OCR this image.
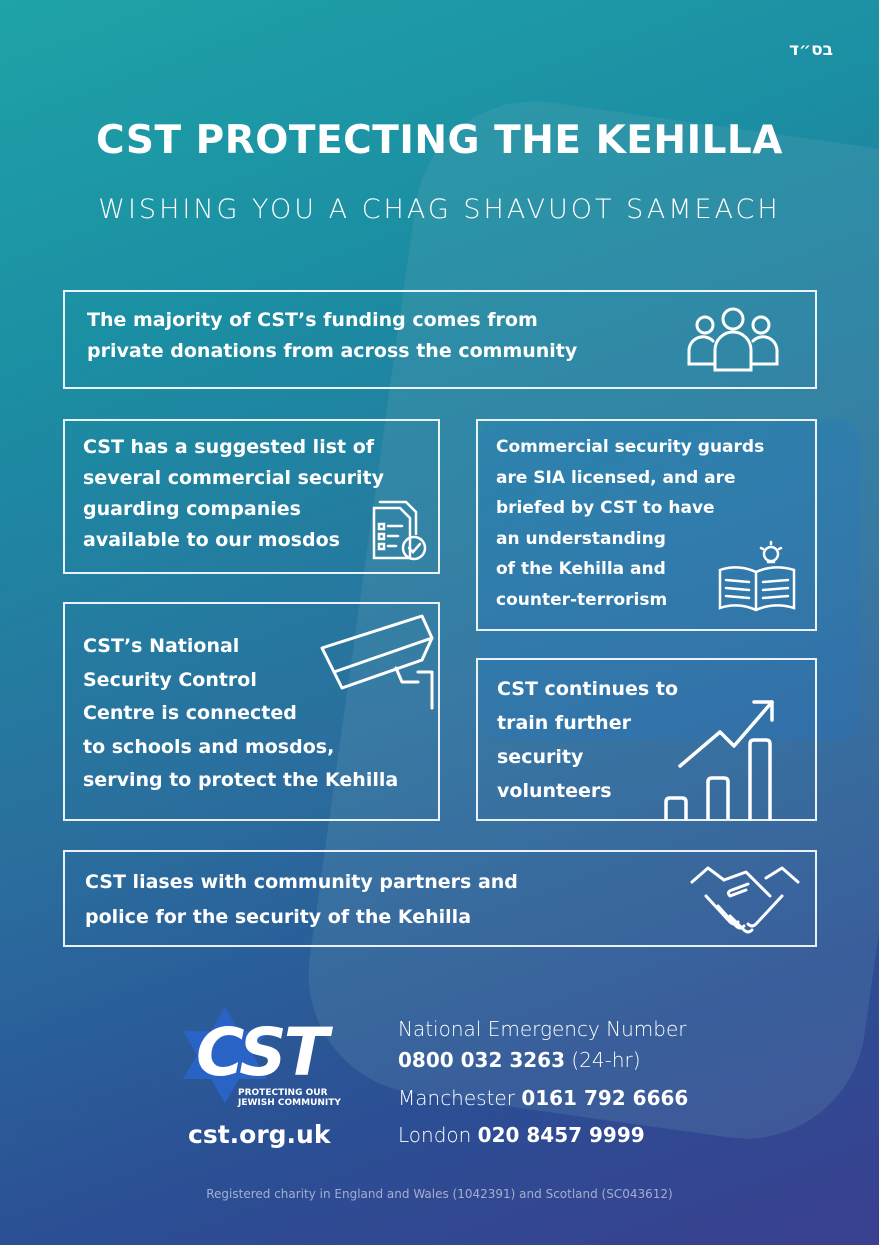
בס״ד
CST PROTECTING THE KEHILLA
WISHING YOU A CHAG SHAVUOT SAMEACH
The majority of CST’s funding comes from
private donations from across the community
CST has a suggested list of
several commercial security
guarding companies
available to our mosdos
Commercial security guards
are SIA licensed, and are
briefed by CST to have
an understanding
of the Kehilla and
counter-terrorism
CST’s National
Security Control
Centre is connected
to schools and mosdos,
serving to protect the Kehilla
CST continues to
train further
security
volunteers
CST liases with community partners and
police for the security of the Kehilla
CST
PROTECTING OUR
JEWISH COMMUNITY
cst.org.uk
National Emergency Number
0800 032 3263 (24-hr)
Manchester 0161 792 6666
London 020 8457 9999
Registered charity in England and Wales (1042391) and Scotland (SC043612)
